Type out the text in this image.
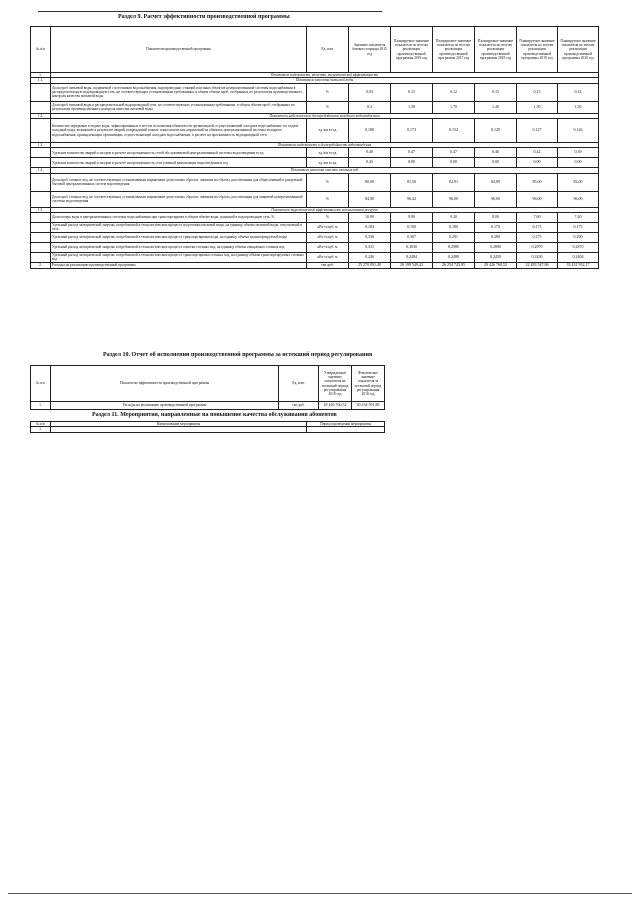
Раздел 9. Расчет эффективности производственной программы
№ п/п	Показатели производственной программы	Ед. изм.	Значение показателя базового периода 2015 год	Планируемое значение показателя по итогам реализации производственной программы 2016 год	Планируемое значение показателя по итогам реализации производственной программы 2017 год	Планируемое значение показателя по итогам реализации производственной программы 2018 год	Планируемое значение показателя по итогам реализации производственной программы 2019 год	Планируемое значение показателя по итогам реализации производственной программы 2020 год
1.	Показатели надежности, качества, энергетической эффективности							
1.1.	Показатели качества питьевой воды							
	Доля проб питьевой воды, подаваемой с источников водоснабжения, водопроводных станций или иных объектов централизованной системы водоснабжения в распределительную водопроводную сеть, не соответствующих установленным требованиям, в общем объеме проб, отобранных по результатам производственного контроля качества питьевой воды	%	0,03	0,15	0,12	0,15	0,15	0,12
	Доля проб питьевой воды в распределительной водопроводной сети, не соответствующих установленным требованиям, в общем объеме проб, отобранных по результатам производственного контроля качества питьевой воды	%	0,3	1,30	1,70	1,40	1,30	1,30
1.2.	Показатели надежности и бесперебойности холодного водоснабжения							
	Количество перерывов в подаче воды, зафиксированных в местах исполнения обязательств организацией, осуществляющей холодное водоснабжение, по подаче холодной воды, возникших в результате аварий, повреждений и иных технологических нарушений на объектах централизованной системы холодного водоснабжения, принадлежащих организации, осуществляющей холодное водоснабжение, в расчете на протяженность водопроводной сети	ед./км в год	0,180	0,173	0,152	0,129	0,127	0,126
1.3.	Показатели надежности и бесперебойности водоотведения							
	Удельное количество аварий и засоров в расчете на протяженность сетей обслуживаемой централизованной системы водоотведения в год	ед./км в год	0,48	0,47	0,47	0,46	0,42	0,39
	Удельное количество аварий и засоров в расчете на протяженность сети уличной канализации водоотведения в год	ед./км в год	0,45	0,00	0,00	0,00	0,00	0,00
1.4.	Показатели качества очистки сточных вод							
	Доля проб сточных вод, не соответствующих установленным нормативам допустимых сбросов, лимитам на сбросы, рассчитанная для общесплавной и раздельной бытовой централизованных систем водоотведения	%	80,00	81,50	82,91	82,89	85,00	82,00
	Доля проб сточных вод, не соответствующих установленным нормативам допустимых сбросов, лимитам на сбросы, рассчитанная для ливневой централизованной системы водоотведения	%	84,00	96,42	96,00	96,00	96,00	96,00
1.5.	Показатели энергетической эффективности использования ресурсов							
	Доля потерь воды в централизованных системах водоснабжения при транспортировке в общем объеме воды, поданной в водопроводную сеть, %	%	10,00	9,80	9,20	8,00	7,60	7,40
	Удельный расход электрической энергии, потребляемой в технологическом процессе подготовки питьевой воды, на единицу объема питьевой воды, отпускаемой в сеть	кВт×ч/куб. м	0,184	0,190	0,180	0,170	0,175	0,175
	Удельный расход электрической энергии, потребляемой в технологическом процессе транспортировки воды, на единицу объема транспортируемой воды	кВт×ч/куб. м	0,330	0,307	0,291	0,289	0,275	0,290
	Удельный расход электрической энергии, потребляемой в технологическом процессе очистки сточных вод, на единицу объема очищаемых сточных вод	кВт×ч/куб. м	0,331	0,3030	0,2980	0,2890	0,2970	0,2870
	Удельный расход электрической энергии, потребляемой в технологическом процессе транспортировки сточных вод, на единицу объема транспортируемых сточных вод	кВт×ч/куб. м	0,246	0,2484	0,2488	0,2450	0,2430	0,2404
2.	Расходы на реализацию производственной программы	тыс.руб.	25 270 091,40	26 199 549,42	26 254 745,95	29 426 760,52	32 483 547,96	33 431 932,17
Раздел 10. Отчет об исполнении производственной программы за истекший период регулирования
№ п/п	Показатели эффективности производственной программы	Ед. изм.	Утвержденное значение показателя на истекший период регулирования 2018 год	Фактическое значение показателя за истекший период регулирования 2018 год
1.	Расходы на реализацию производственной программы	тыс.руб.	29 426 760,52	30 234 591,89
Раздел 11. Мероприятия, направленные на повышение качества обслуживания абонентов
№ п/п	Наименование мероприятия	Период проведения мероприятия
1.		
